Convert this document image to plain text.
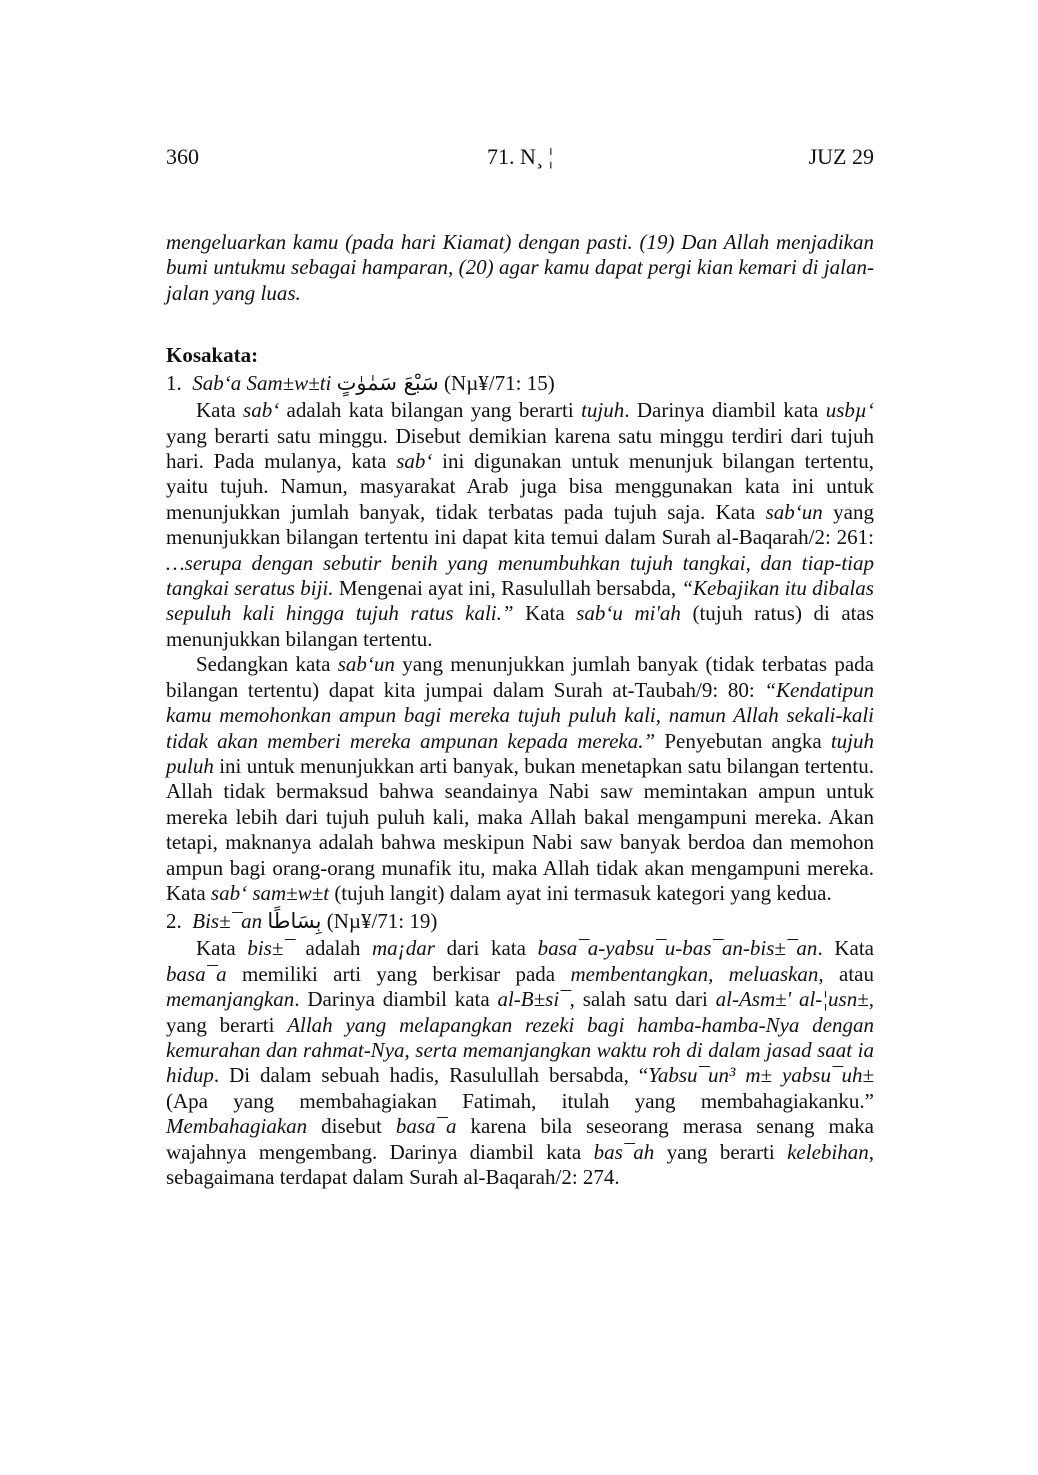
360	71. N¸ ¦	JUZ 29

mengeluarkan kamu (pada hari Kiamat) dengan pasti. (19) Dan Allah menjadikan bumi untukmu sebagai hamparan, (20) agar kamu dapat pergi kian kemari di jalan-jalan yang luas.

Kosakata:

1. Sab‘a Sam±w±ti سَبْعَ سَمٰوٰتٍ (Nµ¥/71: 15)

Kata sab‘ adalah kata bilangan yang berarti tujuh. Darinya diambil kata usbµ‘ yang berarti satu minggu. Disebut demikian karena satu minggu terdiri dari tujuh hari. Pada mulanya, kata sab‘ ini digunakan untuk menunjuk bilangan tertentu, yaitu tujuh. Namun, masyarakat Arab juga bisa menggunakan kata ini untuk menunjukkan jumlah banyak, tidak terbatas pada tujuh saja. Kata sab‘un yang menunjukkan bilangan tertentu ini dapat kita temui dalam Surah al-Baqarah/2: 261: …serupa dengan sebutir benih yang menumbuhkan tujuh tangkai, dan tiap-tiap tangkai seratus biji. Mengenai ayat ini, Rasulullah bersabda, “Kebajikan itu dibalas sepuluh kali hingga tujuh ratus kali.” Kata sab‘u mi'ah (tujuh ratus) di atas menunjukkan bilangan tertentu.

Sedangkan kata sab‘un yang menunjukkan jumlah banyak (tidak terbatas pada bilangan tertentu) dapat kita jumpai dalam Surah at-Taubah/9: 80: “Kendatipun kamu memohonkan ampun bagi mereka tujuh puluh kali, namun Allah sekali-kali tidak akan memberi mereka ampunan kepada mereka.” Penyebutan angka tujuh puluh ini untuk menunjukkan arti banyak, bukan menetapkan satu bilangan tertentu. Allah tidak bermaksud bahwa seandainya Nabi saw memintakan ampun untuk mereka lebih dari tujuh puluh kali, maka Allah bakal mengampuni mereka. Akan tetapi, maknanya adalah bahwa meskipun Nabi saw banyak berdoa dan memohon ampun bagi orang-orang munafik itu, maka Allah tidak akan mengampuni mereka. Kata sab‘ sam±w±t (tujuh langit) dalam ayat ini termasuk kategori yang kedua.

2. Bis±¯an بِسَاطًا (Nµ¥/71: 19)

Kata bis±¯ adalah ma¡dar dari kata basa¯a-yabsu¯u-bas¯an-bis±¯an. Kata basa¯a memiliki arti yang berkisar pada membentangkan, meluaskan, atau memanjangkan. Darinya diambil kata al-B±si¯, salah satu dari al-Asm±' al-¦usn±, yang berarti Allah yang melapangkan rezeki bagi hamba-hamba-Nya dengan kemurahan dan rahmat-Nya, serta memanjangkan waktu roh di dalam jasad saat ia hidup. Di dalam sebuah hadis, Rasulullah bersabda, “Yabsu¯un³ m± yabsu¯uh± (Apa yang membahagiakan Fatimah, itulah yang membahagiakanku.” Membahagiakan disebut basa¯a karena bila seseorang merasa senang maka wajahnya mengembang. Darinya diambil kata bas¯ah yang berarti kelebihan, sebagaimana terdapat dalam Surah al-Baqarah/2: 274.
